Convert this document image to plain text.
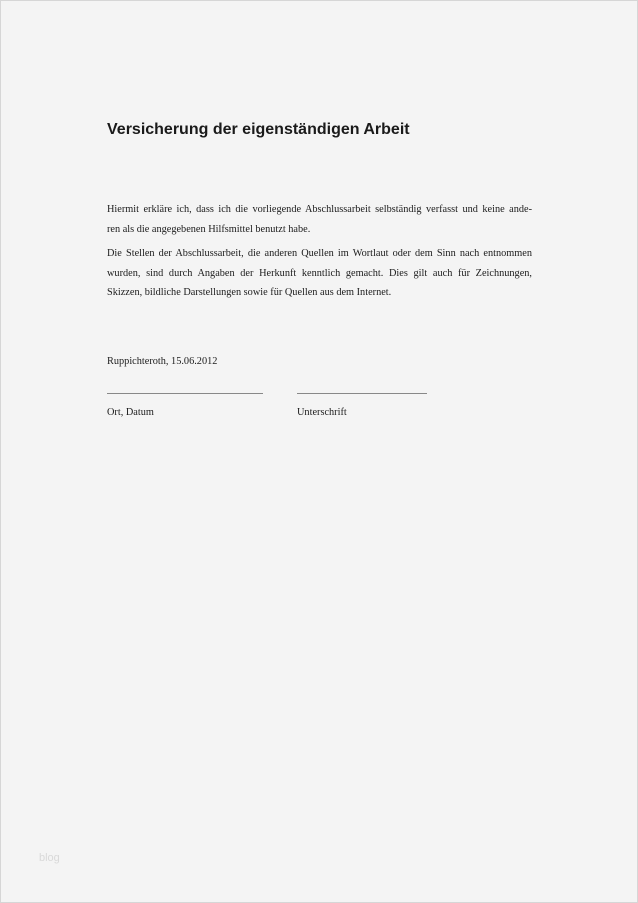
Versicherung der eigenständigen Arbeit

Hiermit erkläre ich, dass ich die vorliegende Abschlussarbeit selbständig verfasst und keine ande-
ren als die angegebenen Hilfsmittel benutzt habe.

Die Stellen der Abschlussarbeit, die anderen Quellen im Wortlaut oder dem Sinn nach entnommen
wurden, sind durch Angaben der Herkunft kenntlich gemacht. Dies gilt auch für Zeichnungen,
Skizzen, bildliche Darstellungen sowie für Quellen aus dem Internet.

Ruppichteroth, 15.06.2012

Ort, Datum	Unterschrift

blog
